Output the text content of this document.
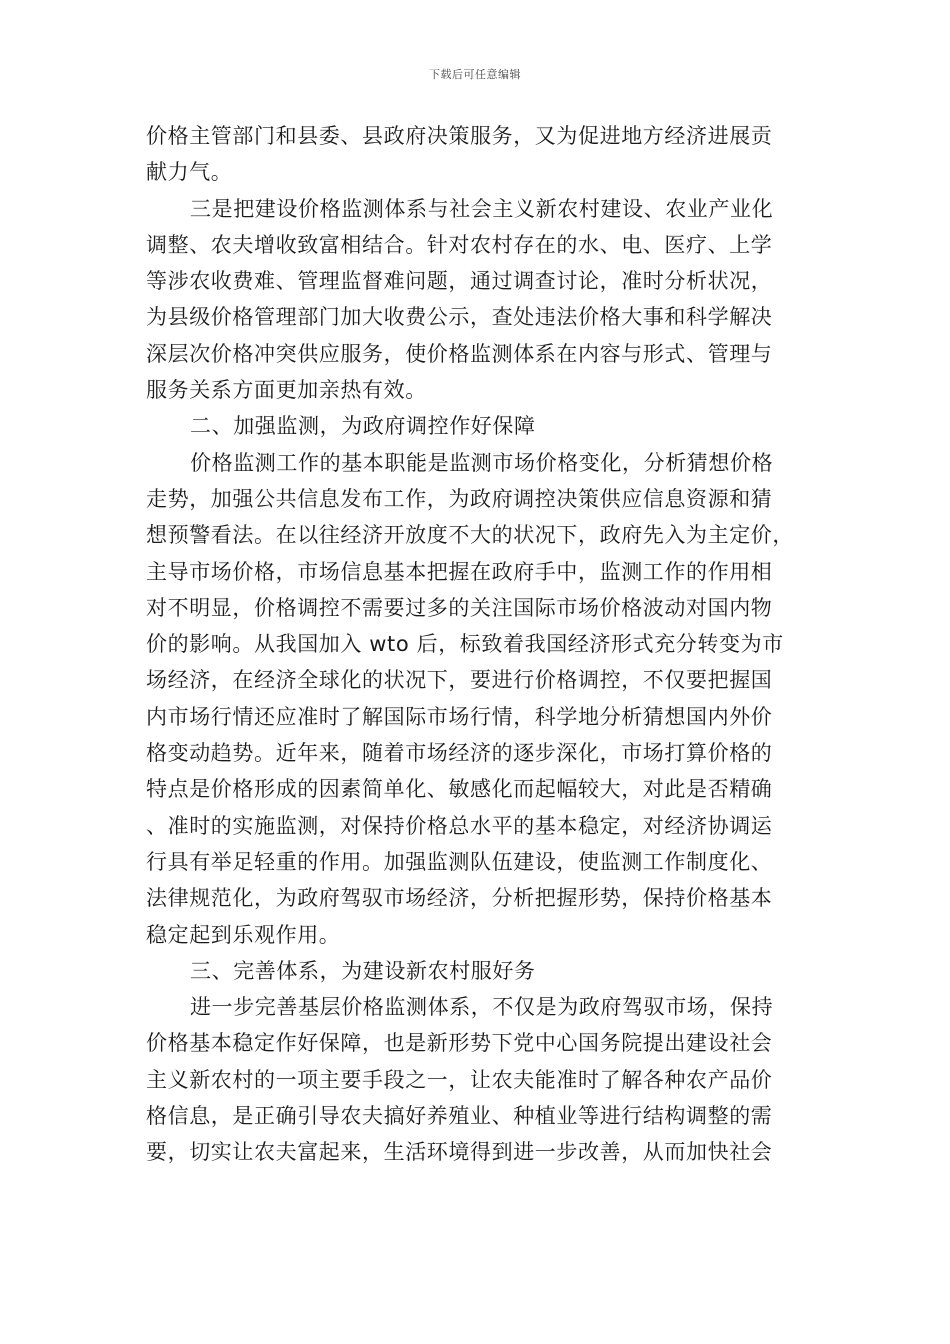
下载后可任意编辑
价格主管部门和县委、县政府决策服务，又为促进地方经济进展贡
献力气。
三是把建设价格监测体系与社会主义新农村建设、农业产业化
调整、农夫增收致富相结合。针对农村存在的水、电、医疗、上学
等涉农收费难、管理监督难问题，通过调查讨论，准时分析状况，
为县级价格管理部门加大收费公示，查处违法价格大事和科学解决
深层次价格冲突供应服务，使价格监测体系在内容与形式、管理与
服务关系方面更加亲热有效。
二、加强监测，为政府调控作好保障
价格监测工作的基本职能是监测市场价格变化，分析猜想价格
走势，加强公共信息发布工作，为政府调控决策供应信息资源和猜
想预警看法。在以往经济开放度不大的状况下，政府先入为主定价，
主导市场价格，市场信息基本把握在政府手中，监测工作的作用相
对不明显，价格调控不需要过多的关注国际市场价格波动对国内物
价的影响。从我国加入 wto 后，标致着我国经济形式充分转变为市
场经济，在经济全球化的状况下，要进行价格调控，不仅要把握国
内市场行情还应准时了解国际市场行情，科学地分析猜想国内外价
格变动趋势。近年来，随着市场经济的逐步深化，市场打算价格的
特点是价格形成的因素简单化、敏感化而起幅较大，对此是否精确
、准时的实施监测，对保持价格总水平的基本稳定，对经济协调运
行具有举足轻重的作用。加强监测队伍建设，使监测工作制度化、
法律规范化，为政府驾驭市场经济，分析把握形势，保持价格基本
稳定起到乐观作用。
三、完善体系，为建设新农村服好务
进一步完善基层价格监测体系，不仅是为政府驾驭市场，保持
价格基本稳定作好保障，也是新形势下党中心国务院提出建设社会
主义新农村的一项主要手段之一，让农夫能准时了解各种农产品价
格信息，是正确引导农夫搞好养殖业、种植业等进行结构调整的需
要，切实让农夫富起来，生活环境得到进一步改善，从而加快社会
